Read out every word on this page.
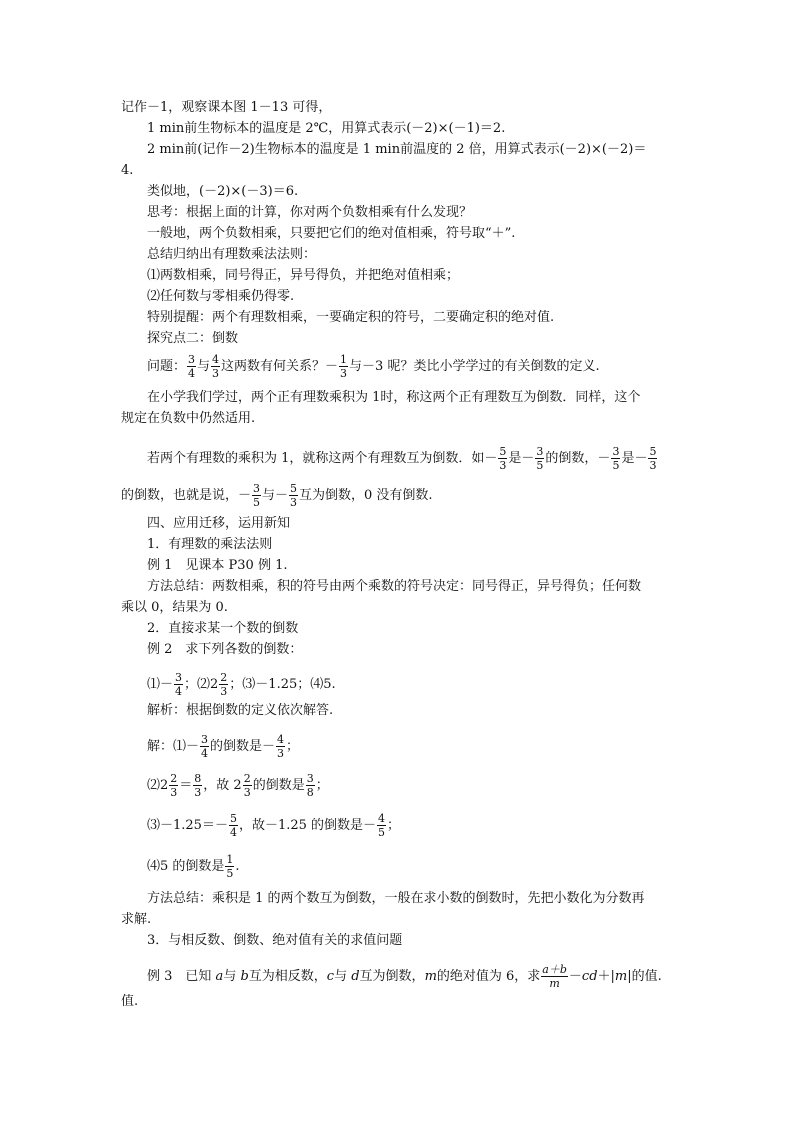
记作－1，观察课本图 1－13 可得，
1 min前生物标本的温度是 2℃，用算式表示(－2)×(－1)＝2.
2 min前(记作－2)生物标本的温度是 1 min前温度的 2 倍，用算式表示(－2)×(－2)＝
4.
类似地，(－2)×(－3)＝6.
思考：根据上面的计算，你对两个负数相乘有什么发现？
一般地，两个负数相乘，只要把它们的绝对值相乘，符号取“＋”.
总结归纳出有理数乘法法则：
⑴两数相乘，同号得正，异号得负，并把绝对值相乘；
⑵任何数与零相乘仍得零.
特别提醒：两个有理数相乘，一要确定积的符号，二要确定积的绝对值.
探究点二：倒数
问题： $\frac{3}{4}$ 与 $\frac{4}{3}$ 这两数有何关系？－ $\frac{1}{3}$ 与－3 呢？类比小学学过的有关倒数的定义.
在小学我们学过，两个正有理数乘积为 1时，称这两个正有理数互为倒数．同样，这个
规定在负数中仍然适用.
若两个有理数的乘积为 1，就称这两个有理数互为倒数．如－ $\frac{5}{3}$ 是－ $\frac{3}{5}$ 的倒数，－ $\frac{3}{5}$ 是－ $\frac{5}{3}$
的倒数，也就是说，－ $\frac{3}{5}$ 与－ $\frac{5}{3}$ 互为倒数，0 没有倒数.
四、应用迁移，运用新知
1．有理数的乘法法则
例 1　见课本 P30 例 1.
方法总结：两数相乘，积的符号由两个乘数的符号决定：同号得正，异号得负；任何数
乘以 0，结果为 0.
2．直接求某一个数的倒数
例 2　求下列各数的倒数：
⑴－ $\frac{3}{4}$ ；⑵2 $\frac{2}{3}$ ；⑶－1.25；⑷5.
解析：根据倒数的定义依次解答.
解：⑴－ $\frac{3}{4}$ 的倒数是－ $\frac{4}{3}$ ；
⑵2 $\frac{2}{3} = \frac{8}{3}$ ，故 $2 \frac{2}{3}$ 的倒数是 $\frac{3}{8}$ ；
⑶－1.25＝－ $\frac{5}{4}$ ，故－1.25 的倒数是－ $\frac{4}{5}$ ；
⑷5 的倒数是 $\frac{1}{5}$ .
方法总结：乘积是 1 的两个数互为倒数，一般在求小数的倒数时，先把小数化为分数再
求解.
3．与相反数、倒数、绝对值有关的求值问题
例 3　已知 a与 b互为相反数，c与 d互为倒数，m的绝对值为 6，求 $\frac{a+b}{m} -cd+|m|$的值.
值.
